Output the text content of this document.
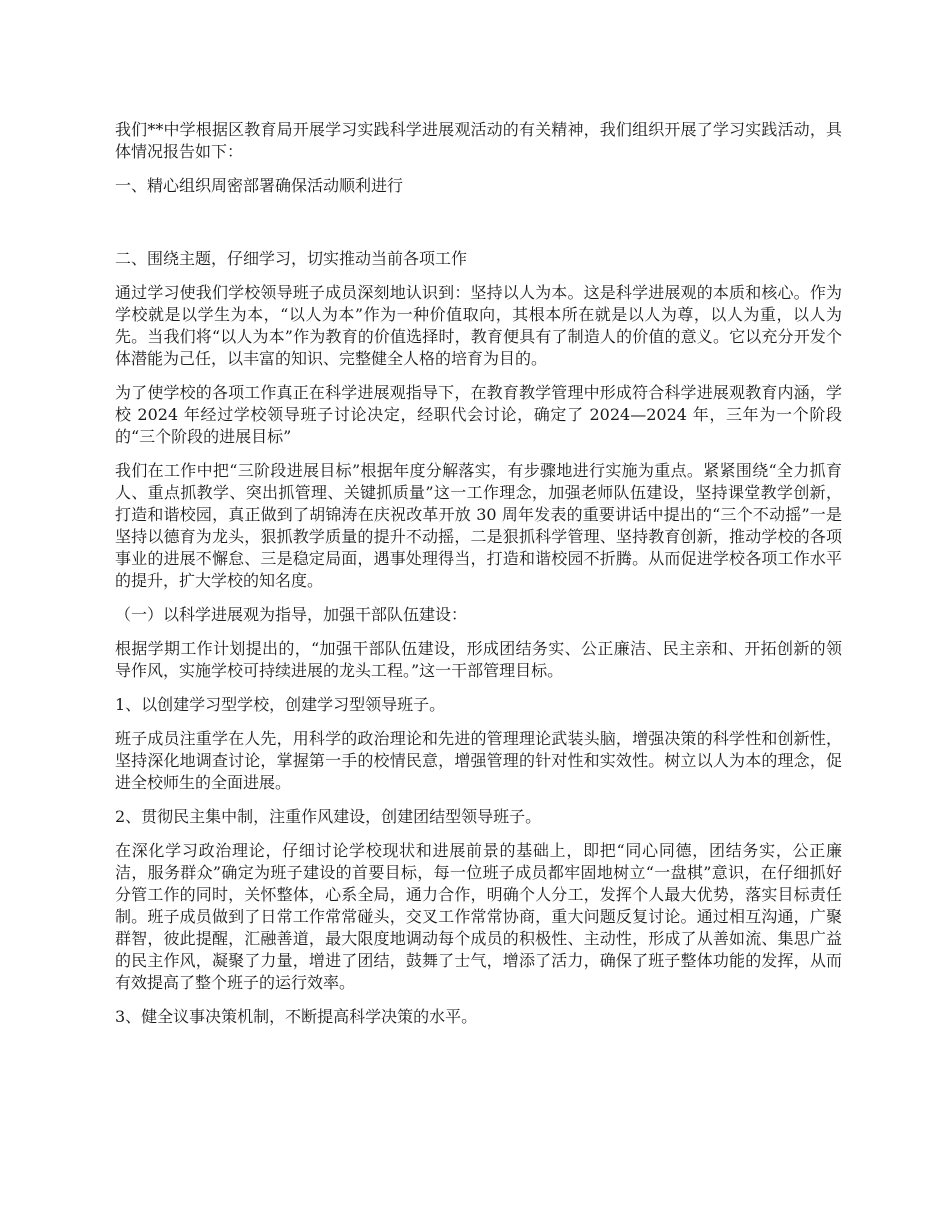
我们**中学根据区教育局开展学习实践科学进展观活动的有关精神，我们组织开展了学习实践活动，具体情况报告如下：

一、精心组织周密部署确保活动顺利进行

二、围绕主题，仔细学习，切实推动当前各项工作

通过学习使我们学校领导班子成员深刻地认识到：坚持以人为本。这是科学进展观的本质和核心。作为学校就是以学生为本，“以人为本”作为一种价值取向，其根本所在就是以人为尊，以人为重，以人为先。当我们将“以人为本”作为教育的价值选择时，教育便具有了制造人的价值的意义。它以充分开发个体潜能为己任，以丰富的知识、完整健全人格的培育为目的。

为了使学校的各项工作真正在科学进展观指导下，在教育教学管理中形成符合科学进展观教育内涵，学校 2024 年经过学校领导班子讨论决定，经职代会讨论，确定了 2024—2024 年，三年为一个阶段的“三个阶段的进展目标”

我们在工作中把“三阶段进展目标”根据年度分解落实，有步骤地进行实施为重点。紧紧围绕“全力抓育人、重点抓教学、突出抓管理、关键抓质量”这一工作理念，加强老师队伍建设，坚持课堂教学创新，打造和谐校园，真正做到了胡锦涛在庆祝改革开放 30 周年发表的重要讲话中提出的“三个不动摇”一是坚持以德育为龙头，狠抓教学质量的提升不动摇，二是狠抓科学管理、坚持教育创新，推动学校的各项事业的进展不懈怠、三是稳定局面，遇事处理得当，打造和谐校园不折腾。从而促进学校各项工作水平的提升，扩大学校的知名度。

（一）以科学进展观为指导，加强干部队伍建设：

根据学期工作计划提出的，“加强干部队伍建设，形成团结务实、公正廉洁、民主亲和、开拓创新的领导作风，实施学校可持续进展的龙头工程。”这一干部管理目标。

1、以创建学习型学校，创建学习型领导班子。

班子成员注重学在人先，用科学的政治理论和先进的管理理论武装头脑，增强决策的科学性和创新性，坚持深化地调查讨论，掌握第一手的校情民意，增强管理的针对性和实效性。树立以人为本的理念，促进全校师生的全面进展。

2、贯彻民主集中制，注重作风建设，创建团结型领导班子。

在深化学习政治理论，仔细讨论学校现状和进展前景的基础上，即把“同心同德，团结务实，公正廉洁，服务群众”确定为班子建设的首要目标，每一位班子成员都牢固地树立“一盘棋”意识，在仔细抓好分管工作的同时，关怀整体，心系全局，通力合作，明确个人分工，发挥个人最大优势，落实目标责任制。班子成员做到了日常工作常常碰头，交叉工作常常协商，重大问题反复讨论。通过相互沟通，广聚群智，彼此提醒，汇融善道，最大限度地调动每个成员的积极性、主动性，形成了从善如流、集思广益的民主作风，凝聚了力量，增进了团结，鼓舞了士气，增添了活力，确保了班子整体功能的发挥，从而有效提高了整个班子的运行效率。

3、健全议事决策机制，不断提高科学决策的水平。
